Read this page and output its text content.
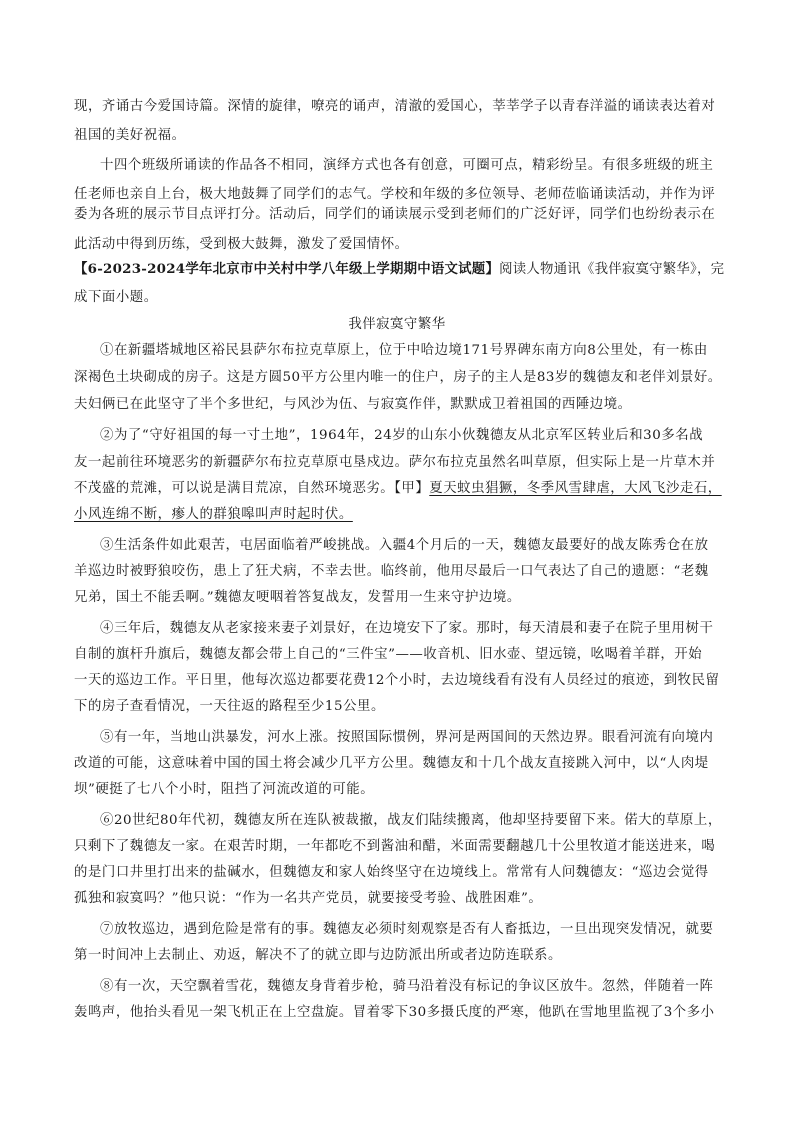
现，齐诵古今爱国诗篇。深情的旋律，嘹亮的诵声，清澈的爱国心，莘莘学子以青春洋溢的诵读表达着对
祖国的美好祝福。
十四个班级所诵读的作品各不相同，演绎方式也各有创意，可圈可点，精彩纷呈。有很多班级的班主
任老师也亲自上台，极大地鼓舞了同学们的志气。学校和年级的多位领导、老师莅临诵读活动，并作为评
委为各班的展示节目点评打分。活动后，同学们的诵读展示受到老师们的广泛好评，同学们也纷纷表示在
此活动中得到历练，受到极大鼓舞，激发了爱国情怀。
【6-2023-2024学年北京市中关村中学八年级上学期期中语文试题】阅读人物通讯《我伴寂寞守繁华》，完
成下面小题。
我伴寂寞守繁华
①在新疆塔城地区裕民县萨尔布拉克草原上，位于中哈边境171号界碑东南方向8公里处，有一栋由
深褐色土块砌成的房子。这是方圆50平方公里内唯一的住户，房子的主人是83岁的魏德友和老伴刘景好。
夫妇俩已在此坚守了半个多世纪，与风沙为伍、与寂寞作伴，默默成卫着祖国的西陲边境。
②为了“守好祖国的每一寸土地”，1964年，24岁的山东小伙魏德友从北京军区转业后和30多名战
友一起前往环境恶劣的新疆萨尔布拉克草原屯垦戍边。萨尔布拉克虽然名叫草原，但实际上是一片草木并
不茂盛的荒滩，可以说是满目荒凉，自然环境恶劣。【甲】夏天蚊虫猖獗，冬季风雪肆虐，大风飞沙走石，
小风连绵不断，瘆人的群狼嗥叫声时起时伏。
③生活条件如此艰苦，屯居面临着严峻挑战。入疆4个月后的一天，魏德友最要好的战友陈秀仓在放
羊巡边时被野狼咬伤，患上了狂犬病，不幸去世。临终前，他用尽最后一口气表达了自己的遗愿：“老魏
兄弟，国土不能丢啊。”魏德友哽咽着答复战友，发誓用一生来守护边境。
④三年后，魏德友从老家接来妻子刘景好，在边境安下了家。那时，每天清晨和妻子在院子里用树干
自制的旗杆升旗后，魏德友都会带上自己的“三件宝”——收音机、旧水壶、望远镜，吆喝着羊群，开始
一天的巡边工作。平日里，他每次巡边都要花费12个小时，去边境线看有没有人员经过的痕迹，到牧民留
下的房子查看情况，一天往返的路程至少15公里。
⑤有一年，当地山洪暴发，河水上涨。按照国际惯例，界河是两国间的天然边界。眼看河流有向境内
改道的可能，这意味着中国的国土将会减少几平方公里。魏德友和十几个战友直接跳入河中，以“人肉堤
坝”硬挺了七八个小时，阻挡了河流改道的可能。
⑥20世纪80年代初，魏德友所在连队被裁撤，战友们陆续搬离，他却坚持要留下来。偌大的草原上，
只剩下了魏德友一家。在艰苦时期，一年都吃不到酱油和醋，米面需要翻越几十公里牧道才能送进来，喝
的是门口井里打出来的盐碱水，但魏德友和家人始终坚守在边境线上。常常有人问魏德友：“巡边会觉得
孤独和寂寞吗？”他只说：“作为一名共产党员，就要接受考验、战胜困难”。
⑦放牧巡边，遇到危险是常有的事。魏德友必须时刻观察是否有人畜抵边，一旦出现突发情况，就要
第一时间冲上去制止、劝返，解决不了的就立即与边防派出所或者边防连联系。
⑧有一次，天空飘着雪花，魏德友身背着步枪，骑马沿着没有标记的争议区放牛。忽然，伴随着一阵
轰鸣声，他抬头看见一架飞机正在上空盘旋。冒着零下30多摄氏度的严寒，他趴在雪地里监视了3个多小
